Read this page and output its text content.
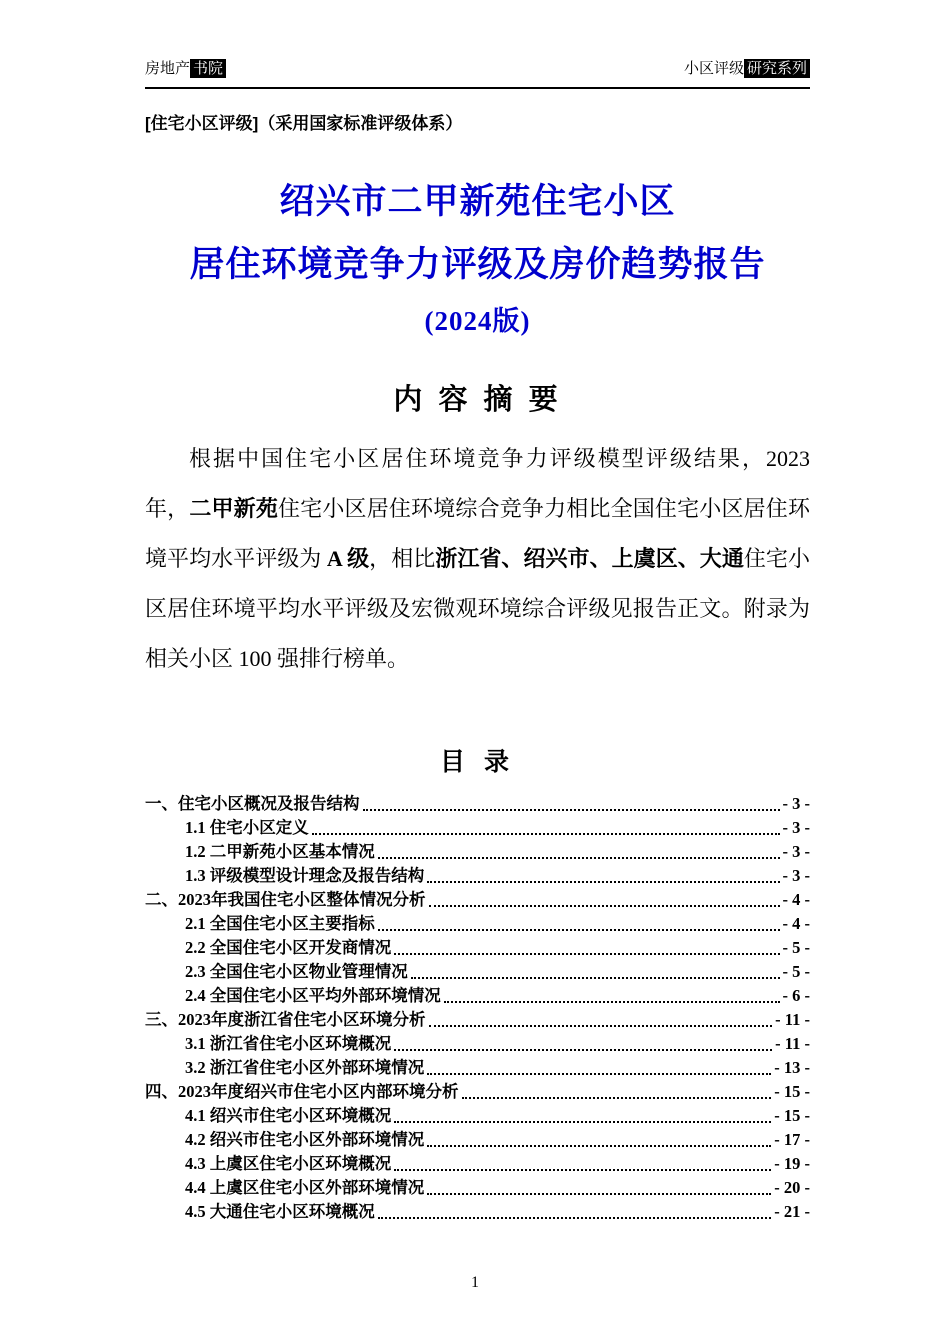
房地产 书院	小区评级 研究系列
[住宅小区评级]（采用国家标准评级体系）
绍兴市二甲新苑住宅小区
居住环境竞争力评级及房价趋势报告
(2024版)
内 容 摘 要

根据中国住宅小区居住环境竞争力评级模型评级结果，2023 年，二甲新苑住宅小区居住环境综合竞争力相比全国住宅小区居住环境平均水平评级为 A 级，相比浙江省、绍兴市、上虞区、大通住宅小区居住环境平均水平评级及宏微观环境综合评级见报告正文。附录为相关小区 100 强排行榜单。

目 录
一、住宅小区概况及报告结构	- 3 -
1.1 住宅小区定义	- 3 -
1.2 二甲新苑小区基本情况	- 3 -
1.3 评级模型设计理念及报告结构	- 3 -
二、2023年我国住宅小区整体情况分析	- 4 -
2.1 全国住宅小区主要指标	- 4 -
2.2 全国住宅小区开发商情况	- 5 -
2.3 全国住宅小区物业管理情况	- 5 -
2.4 全国住宅小区平均外部环境情况	- 6 -
三、2023年度浙江省住宅小区环境分析	- 11 -
3.1 浙江省住宅小区环境概况	- 11 -
3.2 浙江省住宅小区外部环境情况	- 13 -
四、2023年度绍兴市住宅小区内部环境分析	- 15 -
4.1 绍兴市住宅小区环境概况	- 15 -
4.2 绍兴市住宅小区外部环境情况	- 17 -
4.3 上虞区住宅小区环境概况	- 19 -
4.4 上虞区住宅小区外部环境情况	- 20 -
4.5 大通住宅小区环境概况	- 21 -
1
